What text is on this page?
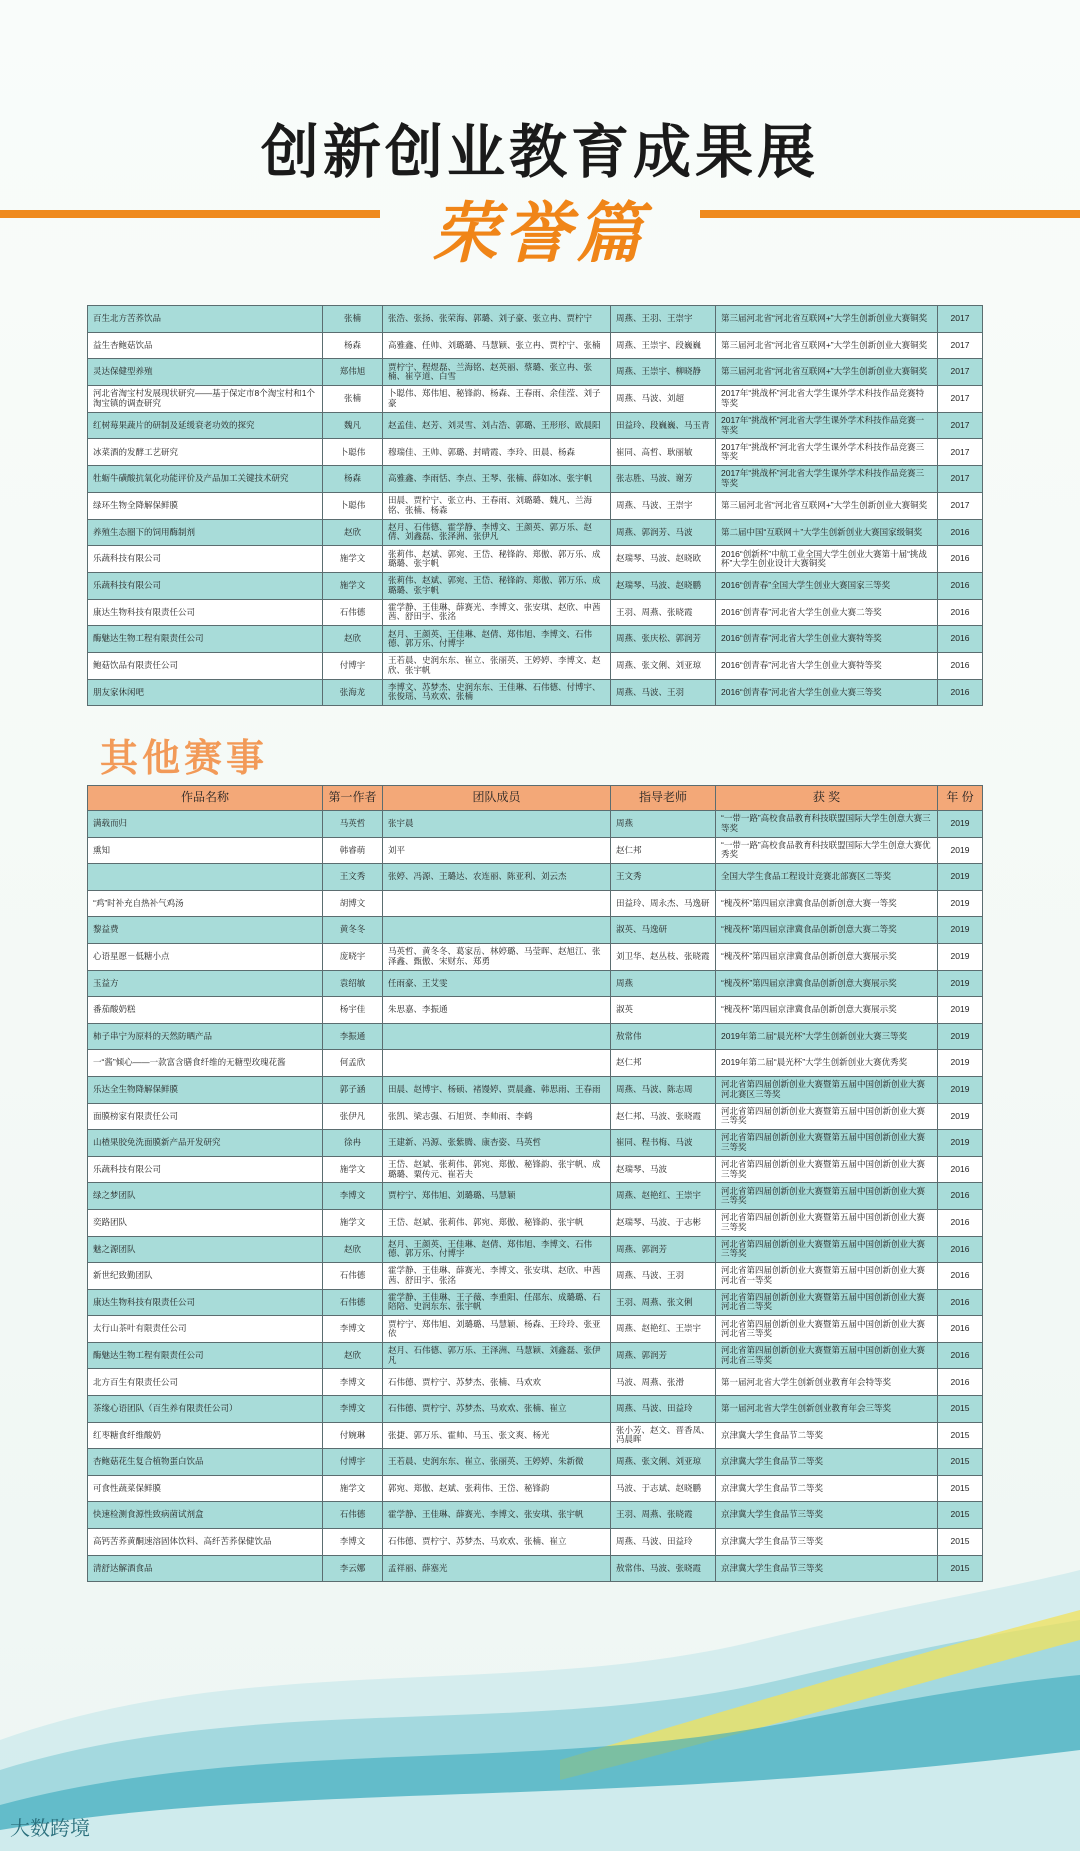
创新创业教育成果展
荣誉篇
百生北方苦荞饮品	张楠	张浩、张扬、张荣海、郭璐、刘子豪、张立冉、贾柠宁	周燕、王羽、王崇宇	第三届河北省“河北省互联网+”大学生创新创业大赛铜奖	2017
益生杏鲍菇饮品	杨森	高雅鑫、任帅、刘璐璐、马慧颖、张立冉、贾柠宁、张楠	周燕、王崇宇、段巍巍	第三届河北省“河北省互联网+”大学生创新创业大赛铜奖	2017
灵达保健型养殖	郑伟旭	贾柠宁、程煜磊、兰海铭、赵英丽、蔡璐、张立冉、张楠、崔亨道、白雪	周燕、王崇宇、柳晓静	第三届河北省“河北省互联网+”大学生创新创业大赛铜奖	2017
河北省淘宝村发展现状研究——基于保定市8个淘宝村和1个淘宝镇的调查研究	张楠	卜聪伟、郑伟旭、秘锋韵、杨森、王春雨、余佳滢、刘子豪	周燕、马波、刘超	2017年“挑战杯”河北省大学生课外学术科技作品竞赛特等奖	2017
红树莓果蔬片的研制及延缓衰老功效的探究	魏凡	赵孟佳、赵芳、刘灵雪、刘占浩、郭璐、王形形、欧晨阳	田益玲、段巍巍、马玉青	2017年“挑战杯”河北省大学生课外学术科技作品竞赛一等奖	2017
冰菜酒的发酵工艺研究	卜聪伟	穆瑞佳、王帅、郭璐、封晴霞、李玲、田晨、杨森	崔同、高哲、耿丽敏	2017年“挑战杯”河北省大学生课外学术科技作品竞赛三等奖	2017
牡蛎牛磺酸抗氧化功能评价及产品加工关键技术研究	杨森	高雅鑫、李雨恬、李点、王琴、张楠、薛如冰、张宇帆	张志胜、马波、谢芳	2017年“挑战杯”河北省大学生课外学术科技作品竞赛三等奖	2017
绿环生物全降解保鲜膜	卜聪伟	田晨、贾柠宁、张立冉、王春雨、刘璐璐、魏凡、兰海铭、张楠、杨森	周燕、马波、王崇宇	第三届河北省“河北省互联网+”大学生创新创业大赛铜奖	2017
养殖生态圈下的饲用酶制剂	赵欣	赵月、石伟德、霍学静、李博文、王颜英、郭万乐、赵倩、刘鑫磊、张泽洲、张伊凡	周燕、郭润芳、马波	第二届中国“互联网＋”大学生创新创业大赛国家级铜奖	2016
乐蔬科技有限公司	施学文	张莉伟、赵斌、郭宛、王岱、秘锋韵、郑傲、郭万乐、成璐璐、张宇帆	赵瑞琴、马波、赵晓欧	2016“创新杯”中航工业全国大学生创业大赛第十届“挑战杯”大学生创业设计大赛铜奖	2016
乐蔬科技有限公司	施学文	张莉伟、赵斌、郭宛、王岱、秘锋韵、郑傲、郭万乐、成璐璐、张宇帆	赵瑞琴、马波、赵晓鹏	2016“创青春”全国大学生创业大赛国家三等奖	2016
康达生物科技有限责任公司	石伟德	霍学静、王佳琳、薛赛光、李博文、张安琪、赵欣、申茜茜、舒田宇、张洺	王羽、周燕、张晓霞	2016“创青春”河北省大学生创业大赛二等奖	2016
酶魅达生物工程有限责任公司	赵欣	赵月、王颜英、王佳琳、赵倩、郑伟旭、李博文、石伟德、郭万乐、付博宇	周燕、张庆松、郭润芳	2016“创青春”河北省大学生创业大赛特等奖	2016
鲍菇饮品有限责任公司	付博宇	王若晨、史润东东、崔立、张丽英、王婷婷、李博文、赵欣、张宇帆	周燕、张文俐、刘亚琼	2016“创青春”河北省大学生创业大赛特等奖	2016
朋友家休闲吧	张海龙	李博文、苏梦杰、史润东东、王佳琳、石伟德、付博宇、张俊瑶、马欢欢、张楠	周燕、马波、王羽	2016“创青春”河北省大学生创业大赛三等奖	2016
其他赛事
作品名称	第一作者	团队成员	指导老师	获 奖	年 份
满载而归	马英哲	张宇晨	周燕	“一带一路”高校食品教育科技联盟国际大学生创意大赛三等奖	2019
熏知	韩睿萌	刘平	赵仁邦	“一带一路”高校食品教育科技联盟国际大学生创意大赛优秀奖	2019
	王文秀	张婷、冯源、王璐达、农连丽、陈亚利、刘云杰	王文秀	全国大学生食品工程设计竞赛北部赛区二等奖	2019
“鸡”时补充自热补气鸡汤	胡博文		田益玲、周永杰、马逸研	“槐茂杯”第四届京津冀食品创新创意大赛一等奖	2019
黎益费	黄冬冬		淑英、马逸研	“槐茂杯”第四届京津冀食品创新创意大赛二等奖	2019
心语星愿－低糖小点	庞晓宇	马英哲、黄冬冬、葛家岳、林婷璐、马莹晖、赵旭江、张泽鑫、甄傲、宋财东、郑勇	刘卫华、赵丛枝、张晓霞	“槐茂杯”第四届京津冀食品创新创意大赛展示奖	2019
玉益方	袁绍敏	任雨豪、王艾雯	周燕	“槐茂杯”第四届京津冀食品创新创意大赛展示奖	2019
番茄酸奶糕	杨宇佳	朱思嘉、李振通	淑英	“槐茂杯”第四届京津冀食品创新创意大赛展示奖	2019
柿子串宁为原料的天然防晒产品	李振通		敖常伟	2019年第二届“晨光杯”大学生创新创业大赛三等奖	2019
一“酱”倾心——一款富含膳食纤维的无糖型玫瑰花酱	何孟欣		赵仁邦	2019年第二届“晨光杯”大学生创新创业大赛优秀奖	2019
乐达全生物降解保鲜膜	郭子涵	田晨、赵博宇、杨硕、褚馒婷、贾晨鑫、韩思雨、王春雨	周燕、马波、陈志周	河北省第四届创新创业大赛暨第五届中国创新创业大赛河北赛区三等奖	2019
面膜榜家有限责任公司	张伊凡	张凯、梁志强、石旭贤、李帅雨、李鹤	赵仁邦、马波、张晓霞	河北省第四届创新创业大赛暨第五届中国创新创业大赛三等奖	2019
山楂果胶免洗面膜新产品开发研究	徐冉	王建新、冯源、张紫腾、康杏姿、马英哲	崔同、程书梅、马波	河北省第四届创新创业大赛暨第五届中国创新创业大赛三等奖	2019
乐蔬科技有限公司	施学文	王岱、赵斌、张莉伟、郭宛、郑傲、秘锋韵、张宇帆、成璐璐、粟传元、崔若夫	赵瑞琴、马波	河北省第四届创新创业大赛暨第五届中国创新创业大赛三等奖	2016
绿之梦团队	李博文	贾柠宁、郑伟旭、刘璐璐、马慧颖	周燕、赵艳红、王崇宇	河北省第四届创新创业大赛暨第五届中国创新创业大赛三等奖	2016
奕路团队	施学文	王岱、赵斌、张莉伟、郭宛、郑傲、秘锋韵、张宇帆	赵瑞琴、马波、于志彬	河北省第四届创新创业大赛暨第五届中国创新创业大赛三等奖	2016
魅之源团队	赵欣	赵月、王颜英、王佳琳、赵倩、郑伟旭、李博文、石伟德、郭万乐、付博宇	周燕、郭润芳	河北省第四届创新创业大赛暨第五届中国创新创业大赛三等奖	2016
新世纪致勤团队	石伟德	霍学静、王佳琳、薛赛光、李博文、张安琪、赵欣、申茜茜、舒田宇、张洺	周燕、马波、王羽	河北省第四届创新创业大赛暨第五届中国创新创业大赛河北省一等奖	2016
康达生物科技有限责任公司	石伟德	霍学静、王佳琳、王子薇、李重阳、任邵东、成璐璐、石陪陪、史润东东、张宇帆	王羽、周燕、张文俐	河北省第四届创新创业大赛暨第五届中国创新创业大赛河北省二等奖	2016
太行山茶叶有限责任公司	李博文	贾柠宁、郑伟旭、刘璐璐、马慧颖、杨森、王玲玲、张亚依	周燕、赵艳红、王崇宇	河北省第四届创新创业大赛暨第五届中国创新创业大赛河北省三等奖	2016
酶魅达生物工程有限责任公司	赵欣	赵月、石伟德、郭万乐、王泽洲、马慧颖、刘鑫磊、张伊凡	周燕、郭润芳	河北省第四届创新创业大赛暨第五届中国创新创业大赛河北省三等奖	2016
北方百生有限责任公司	李博文	石伟德、贾柠宁、苏梦杰、张楠、马欢欢	马波、周燕、张滑	第一届河北省大学生创新创业教育年会特等奖	2016
茶缘心语团队（百生养有限责任公司）	李博文	石伟德、贾柠宁、苏梦杰、马欢欢、张楠、崔立	周燕、马波、田益玲	第一届河北省大学生创新创业教育年会三等奖	2015
红枣糖食纤维酸奶	付婉琳	张捷、郭万乐、霍帅、马玉、张文爽、杨光	张小芳、赵文、晋香凤、冯晨晖	京津冀大学生食品节二等奖	2015
杏鲍菇花生复合植物蛋白饮品	付博宇	王若晨、史润东东、崔立、张丽英、王婷婷、朱新微	周燕、张文俐、刘亚琼	京津冀大学生食品节二等奖	2015
可食性蔬菜保鲜膜	施学文	郭宛、郑傲、赵斌、张莉伟、王岱、秘锋韵	马波、于志斌、赵晓鹏	京津冀大学生食品节二等奖	2015
快速检测食源性致病菌试剂盒	石伟德	霍学静、王佳琳、薛赛光、李博文、张安琪、张宇帆	王羽、周燕、张晓霞	京津冀大学生食品节三等奖	2015
高钙苦荞黄酮速溶固体饮料、高纤苦荞保健饮品	李博文	石伟德、贾柠宁、苏梦杰、马欢欢、张楠、崔立	周燕、马波、田益玲	京津冀大学生食品节三等奖	2015
清舒达解酒食品	李云娜	孟祥丽、薛塞光	敖常伟、马波、张晓霞	京津冀大学生食品节三等奖	2015
大数跨境
